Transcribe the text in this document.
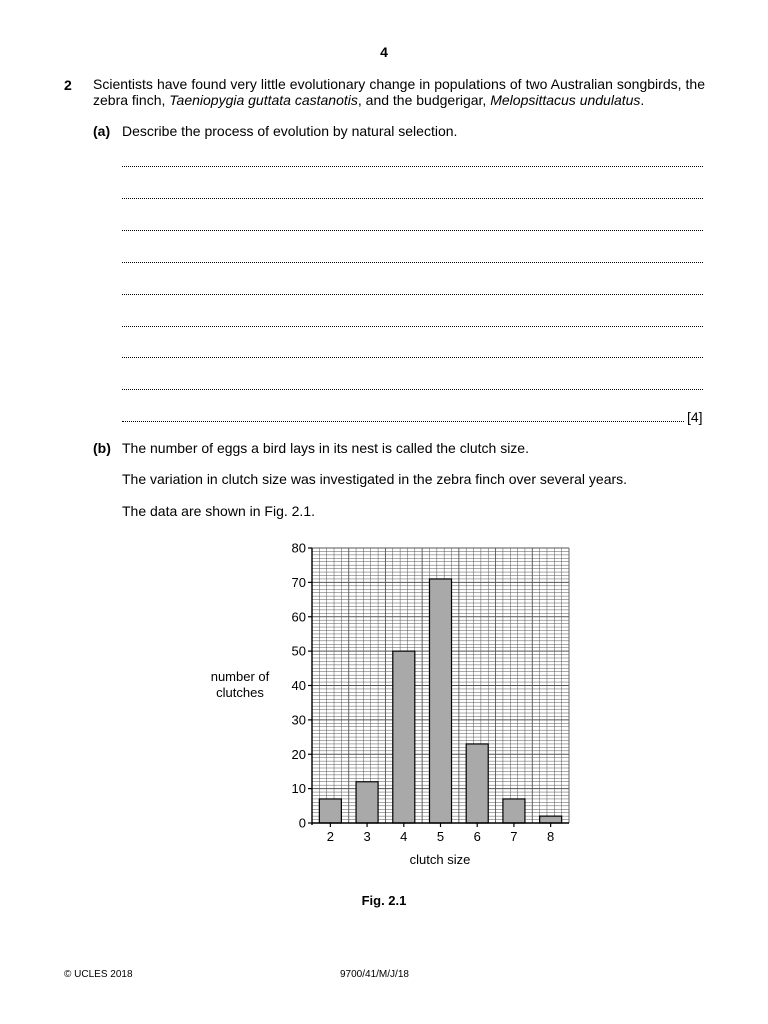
4
2 Scientists have found very little evolutionary change in populations of two Australian songbirds, the zebra finch, Taeniopygia guttata castanotis, and the budgerigar, Melopsittacus undulatus.
(a) Describe the process of evolution by natural selection.
[4]
(b) The number of eggs a bird lays in its nest is called the clutch size.
The variation in clutch size was investigated in the zebra finch over several years.
The data are shown in Fig. 2.1.
0
10
20
30
40
50
60
70
80
2 3 4 5 6 7 8
number of
clutches
clutch size
Fig. 2.1
© UCLES 2018	9700/41/M/J/18
